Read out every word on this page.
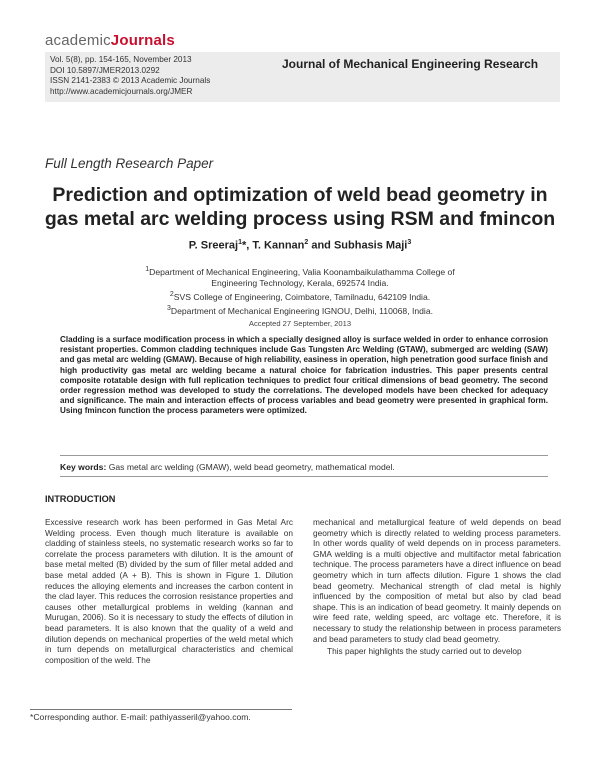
academicJournals
Vol. 5(8), pp. 154-165, November 2013
DOI 10.5897/JMER2013.0292
ISSN 2141-2383 © 2013 Academic Journals
http://www.academicjournals.org/JMER
Journal of Mechanical Engineering Research
Full Length Research Paper
Prediction and optimization of weld bead geometry in
gas metal arc welding process using RSM and fmincon
P. Sreeraj$^1$*, T. Kannan$^2$ and Subhasis Maji$^3$
$^1$Department of Mechanical Engineering, Valia Koonambaikulathamma College of
Engineering Technology, Kerala, 692574 India.
$^2$SVS College of Engineering, Coimbatore, Tamilnadu, 642109 India.
$^3$Department of Mechanical Engineering IGNOU, Delhi, 110068, India.
Accepted 27 September, 2013
Cladding is a surface modification process in which a specially designed alloy is surface welded in order to enhance corrosion resistant properties. Common cladding techniques include Gas Tungsten Arc Welding (GTAW), submerged arc welding (SAW) and gas metal arc welding (GMAW). Because of high reliability, easiness in operation, high penetration good surface finish and high productivity gas metal arc welding became a natural choice for fabrication industries. This paper presents central composite rotatable design with full replication techniques to predict four critical dimensions of bead geometry. The second order regression method was developed to study the correlations. The developed models have been checked for adequacy and significance. The main and interaction effects of process variables and bead geometry were presented in graphical form. Using fmincon function the process parameters were optimized.
Key words: Gas metal arc welding (GMAW), weld bead geometry, mathematical model.
INTRODUCTION

Excessive research work has been performed in Gas Metal Arc Welding process. Even though much literature is available on cladding of stainless steels, no systematic research works so far to correlate the process parameters with dilution. It is the amount of base metal melted (B) divided by the sum of filler metal added and base metal added (A + B). This is shown in Figure 1. Dilution reduces the alloying elements and increases the carbon content in the clad layer. This reduces the corrosion resistance properties and causes other metallurgical problems in welding (kannan and Murugan, 2006). So it is necessary to study the effects of dilution in bead parameters. It is also known that the quality of a weld and dilution depends on mechanical properties of the weld metal which in turn depends on metallurgical characteristics and chemical composition of the weld. The

mechanical and metallurgical feature of weld depends on bead geometry which is directly related to welding process parameters. In other words quality of weld depends on in process parameters. GMA welding is a multi objective and multifactor metal fabrication technique. The process parameters have a direct influence on bead geometry which in turn affects dilution. Figure 1 shows the clad bead geometry. Mechanical strength of clad metal is highly influenced by the composition of metal but also by clad bead shape. This is an indication of bead geometry. It mainly depends on wire feed rate, welding speed, arc voltage etc. Therefore, it is necessary to study the relationship between in process parameters and bead parameters to study clad bead geometry.

This paper highlights the study carried out to develop

*Corresponding author. E-mail: pathiyasseril@yahoo.com.
